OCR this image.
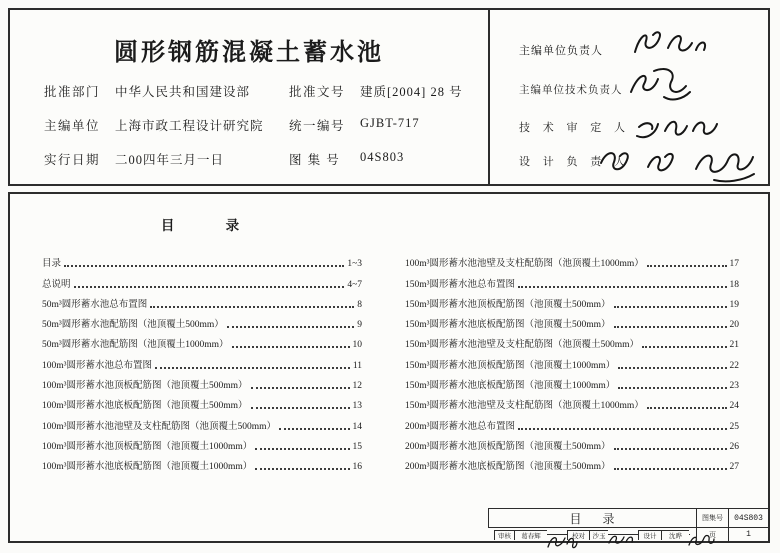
圆形钢筋混凝土蓄水池
批准部门 中华人民共和国建设部	批准文号 建质[2004] 28 号
主编单位 上海市政工程设计研究院 统一编号 GJBT-717
实行日期 二00四年三月一日	图 集 号 04S803
主编单位负责人
主编单位技术负责人
技 术 审 定 人
设 计 负 责 人
目 录
目录	1~3
总说明	4~7
50m³圆形蓄水池总布置图	8
50m³圆形蓄水池配筋图（池顶覆土500mm）	9
50m³圆形蓄水池配筋图（池顶覆土1000mm）	10
100m³圆形蓄水池总布置图	11
100m³圆形蓄水池顶板配筋图（池顶覆土500mm）	12
100m³圆形蓄水池底板配筋图（池顶覆土500mm）	13
100m³圆形蓄水池池壁及支柱配筋图（池顶覆土500mm）	14
100m³圆形蓄水池顶板配筋图（池顶覆土1000mm）	15
100m³圆形蓄水池底板配筋图（池顶覆土1000mm）	16
100m³圆形蓄水池池壁及支柱配筋图（池顶覆土1000mm）	17
150m³圆形蓄水池总布置图	18
150m³圆形蓄水池顶板配筋图（池顶覆土500mm）	19
150m³圆形蓄水池底板配筋图（池顶覆土500mm）	20
150m³圆形蓄水池池壁及支柱配筋图（池顶覆土500mm）	21
150m³圆形蓄水池顶板配筋图（池顶覆土1000mm）	22
150m³圆形蓄水池底板配筋图（池顶覆土1000mm）	23
150m³圆形蓄水池池壁及支柱配筋图（池顶覆土1000mm）	24
200m³圆形蓄水池总布置图	25
200m³圆形蓄水池顶板配筋图（池顶覆土500mm）	26
200m³圆形蓄水池底板配筋图（池顶覆土500mm）	27
目 录	图集号	04S803
审核	葛春辉	校对	沙玉	设计	沈晔	页	1
